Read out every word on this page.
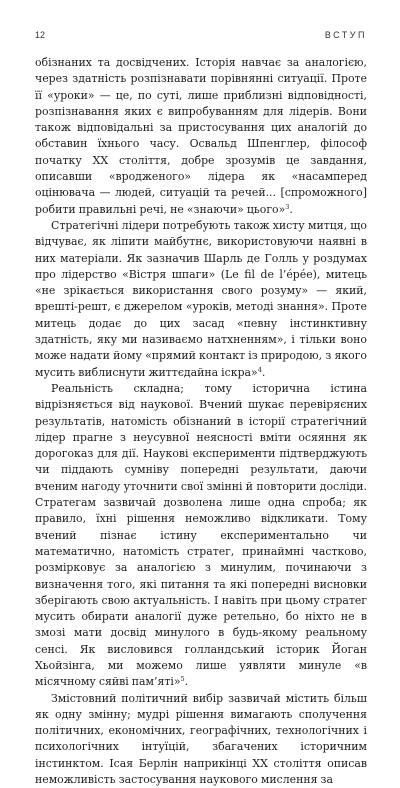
12	ВСТУП

обізнаних та досвідчених. Історія навчає за аналогією, через здатність розпізнавати порівнянні ситуації. Проте її «уроки» — це, по суті, лише приблизні відповідності, розпізнавання яких є випробуванням для лідерів. Вони також відповідальні за пристосування цих аналогій до обставин їхнього часу. Освальд Шпенглер, філософ початку XX століття, добре зрозумів це завдання, описавши «вродженого» лідера як «насамперед оцінювача — людей, ситуацій та речей... [спроможного] робити правильні речі, не «знаючи» цього»$^3$.

Стратегічні лідери потребують також хисту митця, що відчуває, як ліпити майбутнє, використовуючи наявні в них матеріали. Як зазначив Шарль де Голль у роздумах про лідерство «Вістря шпаги» (Le fil de l’épée), митець «не зрікається використання свого розуму» — який, врешті-решт, є джерелом «уроків, методі знання». Проте митець додає до цих засад «певну інстинктивну здатність, яку ми називаємо натхненням», і тільки воно може надати йому «прямий контакт із природою, з якого мусить виблиснути життєдайна іскра»$^4$.

Реальність складна; тому історична істина відрізняється від наукової. Вчений шукає перевіряєних результатів, натомість обізнаний в історії стратегічний лідер прагне з неусувної неясності вміти осяяння як дорогоказ для дії. Наукові експерименти підтверджують чи піддають сумніву попередні результати, даючи вченим нагоду уточнити свої змінні й повторити досліди. Стратегам зазвичай дозволена лише одна спроба; як правило, їхні рішення неможливо відкликати. Тому вчений пізнає істину експериментально чи математично, натомість стратег, принаймні частково, розмірковує за аналогією з минулим, починаючи з визначення того, які питання та які попередні висновки зберігають свою актуальність. І навіть при цьому стратег мусить обирати аналогії дуже ретельно, бо ніхто не в змозі мати досвід минулого в будь-якому реальному сенсі. Як висловився голландський історик Йоган Хьойзінга, ми можемо лише уявляти минуле «в місячному сяйві пам’яті»$^5$.

Змістовний політичний вибір зазвичай містить більш як одну змінну; мудрі рішення вимагають сполучення політичних, економічних, географічних, технологічних і психологічних інтуїцій, збагачених історичним інстинктом. Ісая Берлін наприкінці XX століття описав неможливість застосування наукового мислення за
